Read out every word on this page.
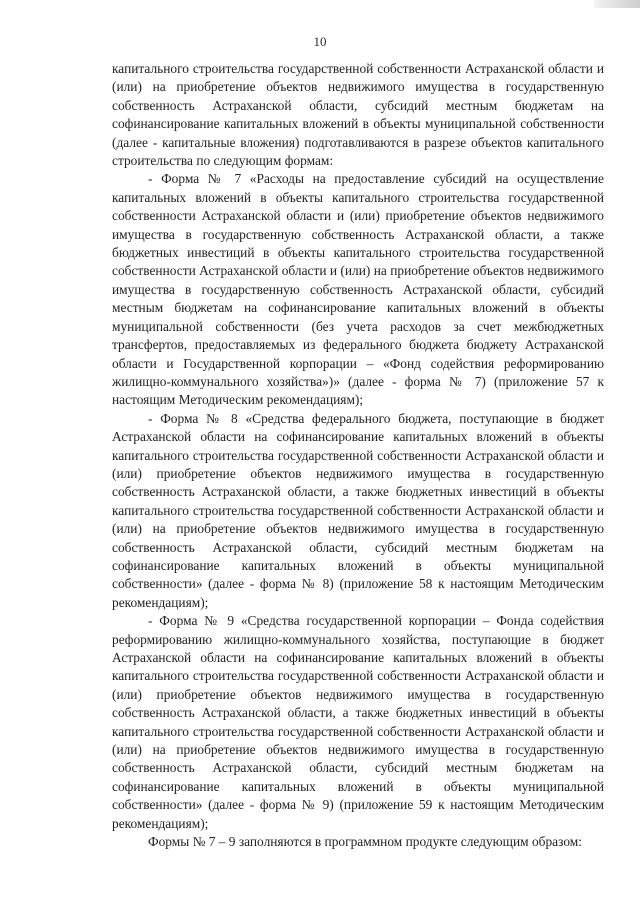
10

капитального строительства государственной собственности Астраханской области и (или) на приобретение объектов недвижимого имущества в государственную собственность Астраханской области, субсидий местным бюджетам на софинансирование капитальных вложений в объекты муниципальной собственности (далее - капитальные вложения) подготавливаются в разрезе объектов капитального строительства по следующим формам:

- Форма № 7 «Расходы на предоставление субсидий на осуществление капитальных вложений в объекты капитального строительства государственной собственности Астраханской области и (или) приобретение объектов недвижимого имущества в государственную собственность Астраханской области, а также бюджетных инвестиций в объекты капитального строительства государственной собственности Астраханской области и (или) на приобретение объектов недвижимого имущества в государственную собственность Астраханской области, субсидий местным бюджетам на софинансирование капитальных вложений в объекты муниципальной собственности (без учета расходов за счет межбюджетных трансфертов, предоставляемых из федерального бюджета бюджету Астраханской области и Государственной корпорации – «Фонд содействия реформированию жилищно-коммунального хозяйства»)» (далее - форма № 7) (приложение 57 к настоящим Методическим рекомендациям);

- Форма № 8 «Средства федерального бюджета, поступающие в бюджет Астраханской области на софинансирование капитальных вложений в объекты капитального строительства государственной собственности Астраханской области и (или) приобретение объектов недвижимого имущества в государственную собственность Астраханской области, а также бюджетных инвестиций в объекты капитального строительства государственной собственности Астраханской области и (или) на приобретение объектов недвижимого имущества в государственную собственность Астраханской области, субсидий местным бюджетам на софинансирование капитальных вложений в объекты муниципальной собственности» (далее - форма № 8) (приложение 58 к настоящим Методическим рекомендациям);

- Форма № 9 «Средства государственной корпорации – Фонда содействия реформированию жилищно-коммунального хозяйства, поступающие в бюджет Астраханской области на софинансирование капитальных вложений в объекты капитального строительства государственной собственности Астраханской области и (или) приобретение объектов недвижимого имущества в государственную собственность Астраханской области, а также бюджетных инвестиций в объекты капитального строительства государственной собственности Астраханской области и (или) на приобретение объектов недвижимого имущества в государственную собственность Астраханской области, субсидий местным бюджетам на софинансирование капитальных вложений в объекты муниципальной собственности» (далее - форма № 9) (приложение 59 к настоящим Методическим рекомендациям);

Формы № 7 – 9 заполняются в программном продукте следующим образом:
